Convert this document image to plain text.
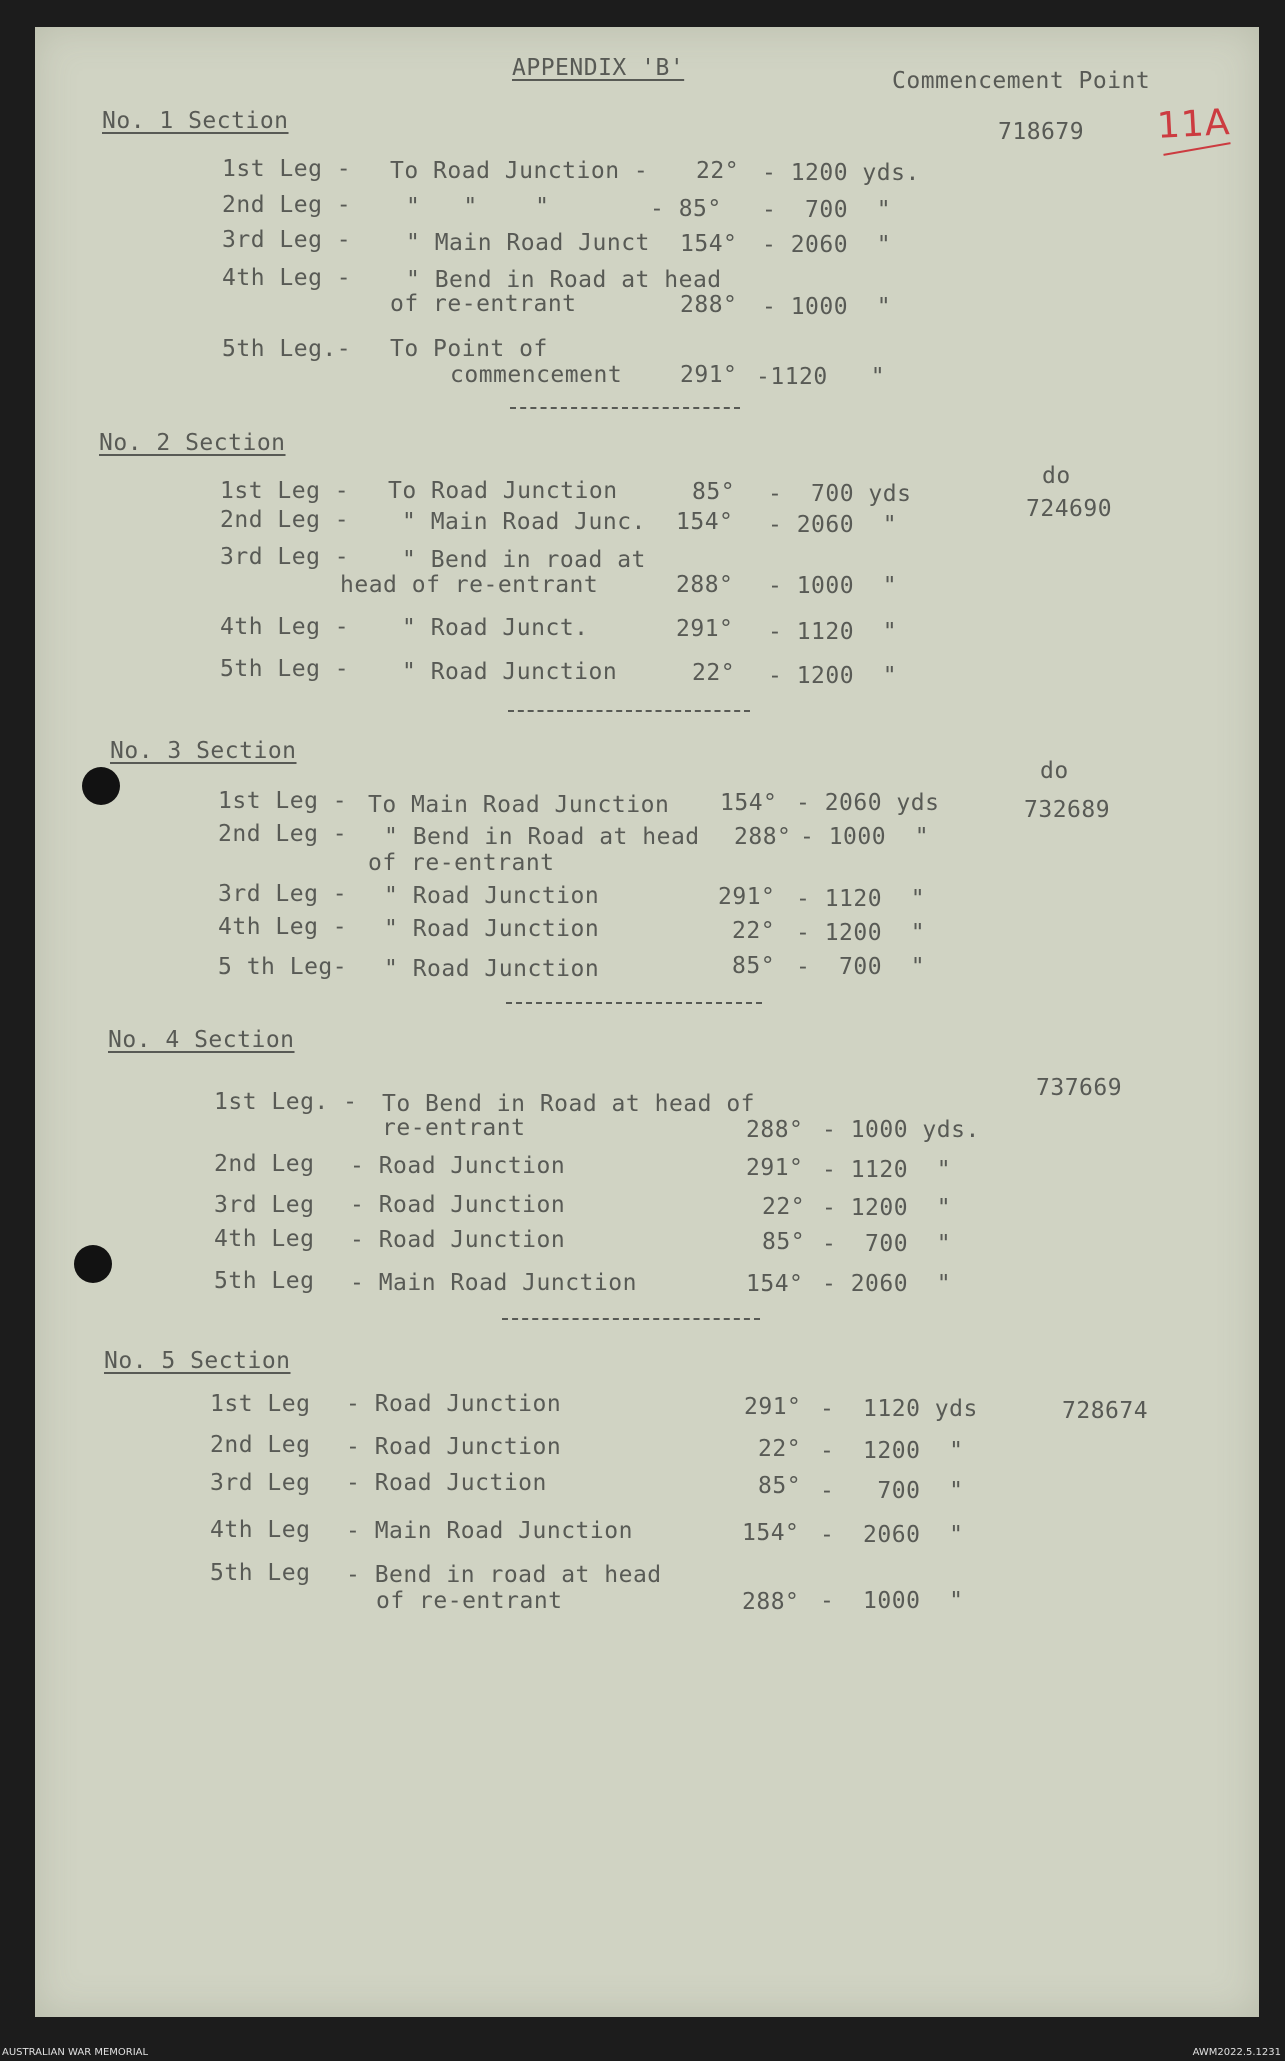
APPENDIX 'B'	Commencement Point
11A
No. 1 Section	718679
1st Leg - To Road Junction - 22° - 1200 yds.
2nd Leg - "   "    "	- 85° -  700  "
3rd Leg - " Main Road Junct 154° - 2060  "
4th Leg - " Bend in Road at head
of re-entrant	288° - 1000  "
5th Leg.- To Point of
commencement	291° -1120   "
No. 2 Section
do
724690
1st Leg - To Road Junction	85° -  700 yds
2nd Leg - " Main Road Junc. 154° - 2060  "
3rd Leg - " Bend in road at
head of re-entrant	288° - 1000  "
4th Leg - " Road Junct.	291° - 1120  "
5th Leg - " Road Junction	22° - 1200  "
No. 3 Section
do
732689
1st Leg - To Main Road Junction 154° - 2060 yds
2nd Leg - " Bend in Road at head
of re-entrant
288° - 1000  "
3rd Leg - " Road Junction	291° - 1120  "
4th Leg - " Road Junction	22° - 1200  "
5 th Leg- " Road Junction	85° -  700  "
No. 4 Section
737669
1st Leg. - To Bend in Road at head of
re-entrant	288° - 1000 yds.
2nd Leg - Road Junction	291° - 1120  "
3rd Leg - Road Junction	22° - 1200  "
4th Leg - Road Junction	85° -  700  "
5th Leg - Main Road Junction	154° - 2060  "
No. 5 Section
728674
1st Leg - Road Junction	291° -  1120 yds
2nd Leg - Road Junction	22° -  1200  "
3rd Leg - Road Juction	85° -   700  "
4th Leg - Main Road Junction	154° -  2060  "
5th Leg - Bend in road at head
of re-entrant	288° -  1000  "
AUSTRALIAN WAR MEMORIAL	AWM2022.5.1231
